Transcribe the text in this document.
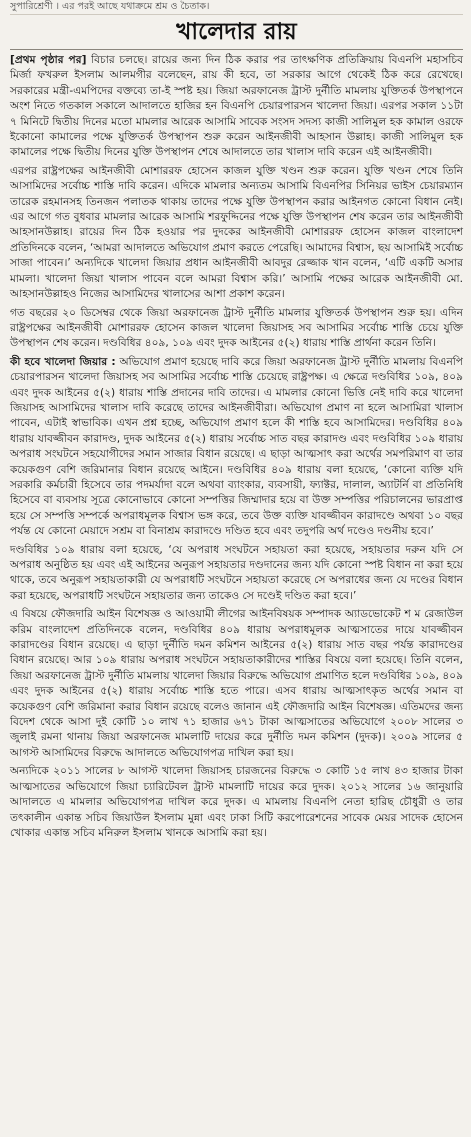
সুপারিশ্রেণী । এর পরই আছে যথাক্রমে শ্রম ও চৈতাক।
খালেদার রায়
[প্রথম পৃষ্ঠার পর] বিচার চলছে। রায়ের জন্য দিন ঠিক করার পর তাৎক্ষণিক প্রতিক্রিয়ায় বিএনপি মহাসচিব মির্জা ফখরুল ইসলাম আলমগীর বলেছেন, রায় কী হবে, তা সরকার আগে থেকেই ঠিক করে রেখেছে। সরকারের মন্ত্রী-এমপিদের বক্তব্যে তা-ই স্পষ্ট হয়। জিয়া অরফানেজ ট্রাস্ট দুর্নীতি মামলায় যুক্তিতর্ক উপস্থাপনে অংশ নিতে গতকাল সকালে আদালতে হাজির হন বিএনপি চেয়ারপারসন খালেদা জিয়া। এরপর সকাল ১১টা ৭ মিনিটে দ্বিতীয় দিনের মতো মামলার আরেক আসামি সাবেক সংসদ সদস্য কাজী সালিমুল হক কামাল ওরফে ইকোনো কামালের পক্ষে যুক্তিতর্ক উপস্থাপন শুরু করেন আইনজীবী আহসান উল্লাহ। কাজী সালিমুল হক কামালের পক্ষে দ্বিতীয় দিনের যুক্তি উপস্থাপন শেষে আদালতে তার খালাস দাবি করেন এই আইনজীবী।
এরপর রাষ্ট্রপক্ষের আইনজীবী মোশাররফ হোসেন কাজল যুক্তি খণ্ডন শুরু করেন। যুক্তি খণ্ডন শেষে তিনি আসামিদের সর্বোচ্চ শাস্তি দাবি করেন। এদিকে মামলার অন্যতম আসামি বিএনপির সিনিয়র ভাইস চেয়ারম্যান তারেক রহমানসহ তিনজন পলাতক থাকায় তাদের পক্ষে যুক্তি উপস্থাপন করার আইনগত কোনো বিধান নেই। এর আগে গত বুধবার মামলার আরেক আসামি শরফুদ্দিনের পক্ষে যুক্তি উপস্থাপন শেষ করেন তার আইনজীবী আহসানউল্লাহ। রায়ের দিন ঠিক হওয়ার পর দুদকের আইনজীবী মোশাররফ হোসেন কাজল বাংলাদেশ প্রতিদিনকে বলেন, ‘আমরা আদালতে অভিযোগ প্রমাণ করতে পেরেছি। আমাদের বিশ্বাস, ছয় আসামিই সর্বোচ্চ সাজা পাবেন।’ অন্যদিকে খালেদা জিয়ার প্রধান আইনজীবী আবদুর রেজ্জাক খান বলেন, ‘এটি একটি অসার মামলা। খালেদা জিয়া খালাস পাবেন বলে আমরা বিশ্বাস করি।’ আসামি পক্ষের আরেক আইনজীবী মো. আহসানউল্লাহও নিজের আসামিদের খালাসের আশা প্রকাশ করেন।
গত বছরের ২০ ডিসেম্বর থেকে জিয়া অরফানেজ ট্রাস্ট দুর্নীতি মামলার যুক্তিতর্ক উপস্থাপন শুরু হয়। এদিন রাষ্ট্রপক্ষের আইনজীবী মোশাররফ হোসেন কাজল খালেদা জিয়াসহ সব আসামির সর্বোচ্চ শাস্তি চেয়ে যুক্তি উপস্থাপন শেষ করেন। দণ্ডবিধির ৪০৯, ১০৯ এবং দুদক আইনের ৫(২) ধারায় শাস্তি প্রার্থনা করেন তিনি।
কী হবে খালেদা জিয়ার : অভিযোগ প্রমাণ হয়েছে দাবি করে জিয়া অরফানেজ ট্রাস্ট দুর্নীতি মামলায় বিএনপি চেয়ারপারসন খালেদা জিয়াসহ সব আসামির সর্বোচ্চ শাস্তি চেয়েছে রাষ্ট্রপক্ষ। এ ক্ষেত্রে দণ্ডবিধির ১০৯, ৪০৯ এবং দুদক আইনের ৫(২) ধারায় শাস্তি প্রদানের দাবি তাদের। এ মামলার কোনো ভিত্তি নেই দাবি করে খালেদা জিয়াসহ আসামিদের খালাস দাবি করেছে তাদের আইনজীবীরা। অভিযোগ প্রমাণ না হলে আসামিরা খালাস পাবেন, এটাই স্বাভাবিক। এখন প্রশ্ন হচ্ছে, অভিযোগ প্রমাণ হলে কী শাস্তি হবে আসামিদের। দণ্ডবিধির ৪০৯ ধারায় যাবজ্জীবন কারাদণ্ড, দুদক আইনের ৫(২) ধারায় সর্বোচ্চ সাত বছর কারাদণ্ড এবং দণ্ডবিধির ১০৯ ধারায় অপরাধ সংঘটনে সহযোগীদের সমান সাজার বিধান রয়েছে। এ ছাড়া আত্মসাৎ করা অর্থের সমপরিমাণ বা তার কয়েকগুণ বেশি জরিমানার বিধান রয়েছে আইনে। দণ্ডবিধির ৪০৯ ধারায় বলা হয়েছে, ‘কোনো ব্যক্তি যদি সরকারি কর্মচারী হিসেবে তার পদমর্যাদা বলে অথবা ব্যাংকার, ব্যবসায়ী, ফ্যাক্টর, দালাল, অ্যাটর্নি বা প্রতিনিধি হিসেবে বা ব্যবসায় সূত্রে কোনোভাবে কোনো সম্পত্তির জিম্মাদার হয়ে বা উক্ত সম্পত্তির পরিচালনের ভারপ্রাপ্ত হয়ে সে সম্পত্তি সম্পর্কে অপরাধমূলক বিশ্বাস ভঙ্গ করে, তবে উক্ত ব্যক্তি যাবজ্জীবন কারাদণ্ডে অথবা ১০ বছর পর্যন্ত যে কোনো মেয়াদে সশ্রম বা বিনাশ্রম কারাদণ্ডে দণ্ডিত হবে এবং তদুপরি অর্থ দণ্ডেও দণ্ডনীয় হবে।’
দণ্ডবিধির ১০৯ ধারায় বলা হয়েছে, ‘যে অপরাধ সংঘটনে সহায়তা করা হয়েছে, সহায়তার দরুন যদি সে অপরাধ অনুষ্ঠিত হয় এবং এই আইনের অনুরূপ সহায়তার দণ্ডদানের জন্য যদি কোনো স্পষ্ট বিধান না করা হয়ে থাকে, তবে অনুরূপ সহায়তাকারী যে অপরাধটি সংঘটনে সহায়তা করেছে সে অপরাধের জন্য যে দণ্ডের বিধান করা হয়েছে, অপরাধটি সংঘটনে সহায়তার জন্য তাকেও সে দণ্ডেই দণ্ডিত করা হবে।’
এ বিষয়ে ফৌজদারি আইন বিশেষজ্ঞ ও আওয়ামী লীগের আইনবিষয়ক সম্পাদক অ্যাডভোকেট শ ম রেজাউল করিম বাংলাদেশ প্রতিদিনকে বলেন, দণ্ডবিধির ৪০৯ ধারায় অপরাধমূলক আত্মসাতের দায়ে যাবজ্জীবন কারাদণ্ডের বিধান রয়েছে। এ ছাড়া দুর্নীতি দমন কমিশন আইনের ৫(২) ধারায় সাত বছর পর্যন্ত কারাদণ্ডের বিধান রয়েছে। আর ১০৯ ধারায় অপরাধ সংঘটনে সহায়তাকারীদের শাস্তির বিষয়ে বলা হয়েছে। তিনি বলেন, জিয়া অরফানেজ ট্রাস্ট দুর্নীতি মামলায় খালেদা জিয়ার বিরুদ্ধে অভিযোগ প্রমাণিত হলে দণ্ডবিধির ১০৯, ৪০৯ এবং দুদক আইনের ৫(২) ধারায় সর্বোচ্চ শাস্তি হতে পারে। এসব ধারায় আত্মসাৎকৃত অর্থের সমান বা কয়েকগুণ বেশি জরিমানা করার বিধান রয়েছে বলেও জানান এই ফৌজদারি আইন বিশেষজ্ঞ। এতিমদের জন্য বিদেশ থেকে আসা দুই কোটি ১০ লাখ ৭১ হাজার ৬৭১ টাকা আত্মসাতের অভিযোগে ২০০৮ সালের ৩ জুলাই রমনা থানায় জিয়া অরফানেজ মামলাটি দায়ের করে দুর্নীতি দমন কমিশন (দুদক)। ২০০৯ সালের ৫ আগস্ট আসামিদের বিরুদ্ধে আদালতে অভিযোগপত্র দাখিল করা হয়।
অন্যদিকে ২০১১ সালের ৮ আগস্ট খালেদা জিয়াসহ চারজনের বিরুদ্ধে ৩ কোটি ১৫ লাখ ৪৩ হাজার টাকা আত্মসাতের অভিযোগে জিয়া চ্যারিটেবল ট্রাস্ট মামলাটি দায়ের করে দুদক। ২০১২ সালের ১৬ জানুয়ারি আদালতে এ মামলার অভিযোগপত্র দাখিল করে দুদক। এ মামলায় বিএনপি নেতা হারিছ চৌধুরী ও তার তৎকালীন একান্ত সচিব জিয়াউল ইসলাম মুন্না এবং ঢাকা সিটি করপোরেশনের সাবেক মেয়র সাদেক হোসেন খোকার একান্ত সচিব মনিরুল ইসলাম খানকে আসামি করা হয়।
